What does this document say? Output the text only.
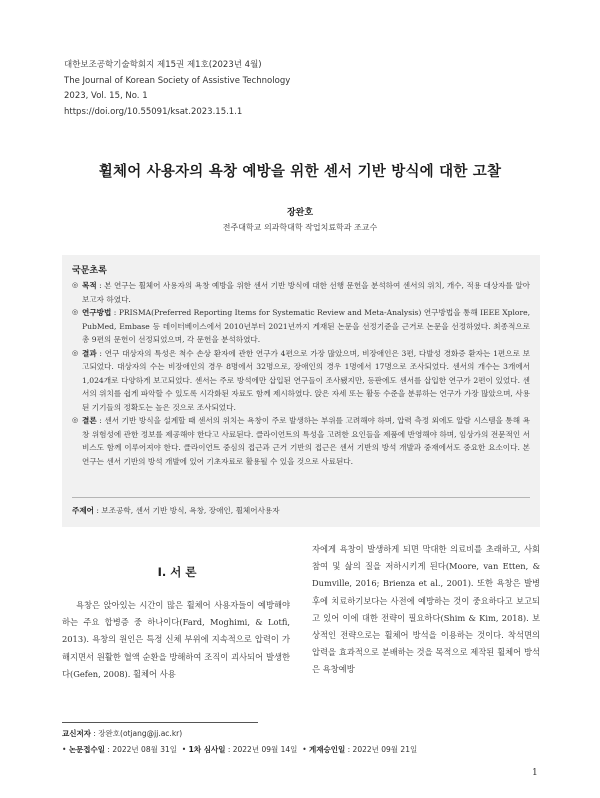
대한보조공학기술학회지 제15권 제1호(2023년 4월)
The Journal of Korean Society of Assistive Technology
2023, Vol. 15, No. 1
https://doi.org/10.55091/ksat.2023.15.1.1
휠체어 사용자의 욕창 예방을 위한 센서 기반 방식에 대한 고찰
장완호
전주대학교 의과학대학 작업치료학과 조교수
국문초록
◎ 목적 : 본 연구는 휠체어 사용자의 욕창 예방을 위한 센서 기반 방식에 대한 선행 문헌을 분석하여 센서의 위치, 개수, 적용 대상자를 알아보고자 하였다.
◎ 연구방법 : PRISMA(Preferred Reporting Items for Systematic Review and Meta-Analysis) 연구방법을 통해 IEEE Xplore, PubMed, Embase 등 데이터베이스에서 2010년부터 2021년까지 게재된 논문을 선정기준을 근거로 논문을 선정하였다. 최종적으로 총 9편의 문헌이 선정되었으며, 각 문헌을 분석하였다.
◎ 결과 : 연구 대상자의 특성은 척수 손상 환자에 관한 연구가 4편으로 가장 많았으며, 비장애인은 3편, 다발성 경화증 환자는 1편으로 보고되었다. 대상자의 수는 비장애인의 경우 8명에서 32명으로, 장애인의 경우 1명에서 17명으로 조사되었다. 센서의 개수는 3개에서 1,024개로 다양하게 보고되었다. 센서는 주로 방석에만 삽입된 연구들이 조사됐지만, 등판에도 센서를 삽입한 연구가 2편이 있었다. 센서의 위치를 쉽게 파악할 수 있도록 시각화된 자료도 함께 제시하였다. 앉은 자세 또는 활동 수준을 분류하는 연구가 가장 많았으며, 사용된 기기들의 정확도는 높은 것으로 조사되었다.
◎ 결론 : 센서 기반 방식을 설계할 때 센서의 위치는 욕창이 주로 발생하는 부위를 고려해야 하며, 압력 측정 외에도 알람 시스템을 통해 욕창 위험성에 관한 정보를 제공해야 한다고 사료된다. 클라이언트의 특성을 고려한 요인들을 제품에 반영해야 하며, 임상가의 전문적인 서비스도 함께 이루어져야 한다. 클라이언트 중심의 접근과 근거 기반의 접근은 센서 기반의 방석 개발과 중재에서도 중요한 요소이다. 본 연구는 센서 기반의 방석 개발에 있어 기초자료로 활용될 수 있을 것으로 사료된다.
주제어 : 보조공학, 센서 기반 방식, 욕창, 장애인, 휠체어사용자
Ⅰ. 서 론
욕창은 앉아있는 시간이 많은 휠체어 사용자들이 예방해야 하는 주요 합병증 중 하나이다(Fard, Moghimi, & Lotfi, 2013). 욕창의 원인은 특정 신체 부위에 지속적으로 압력이 가해지면서 원활한 혈액 순환을 방해하여 조직이 괴사되어 발생한다(Gefen, 2008). 휠체어 사용
자에게 욕창이 발생하게 되면 막대한 의료비를 초래하고, 사회 참여 및 삶의 질을 저하시키게 된다(Moore, van Etten, & Dumville, 2016; Brienza et al., 2001). 또한 욕창은 발병 후에 치료하기보다는 사전에 예방하는 것이 중요하다고 보고되고 있어 이에 대한 전략이 필요하다(Shim & Kim, 2018). 보상적인 전략으로는 휠체어 방석을 이용하는 것이다. 착석면의 압력을 효과적으로 분배하는 것을 목적으로 제작된 휠체어 방석은 욕창예방
교신저자 : 장완호(otjang@jj.ac.kr)
• 논문접수일 : 2022년 08월 31일  • 1차 심사일 : 2022년 09월 14일  • 게재승인일 : 2022년 09월 21일
1
